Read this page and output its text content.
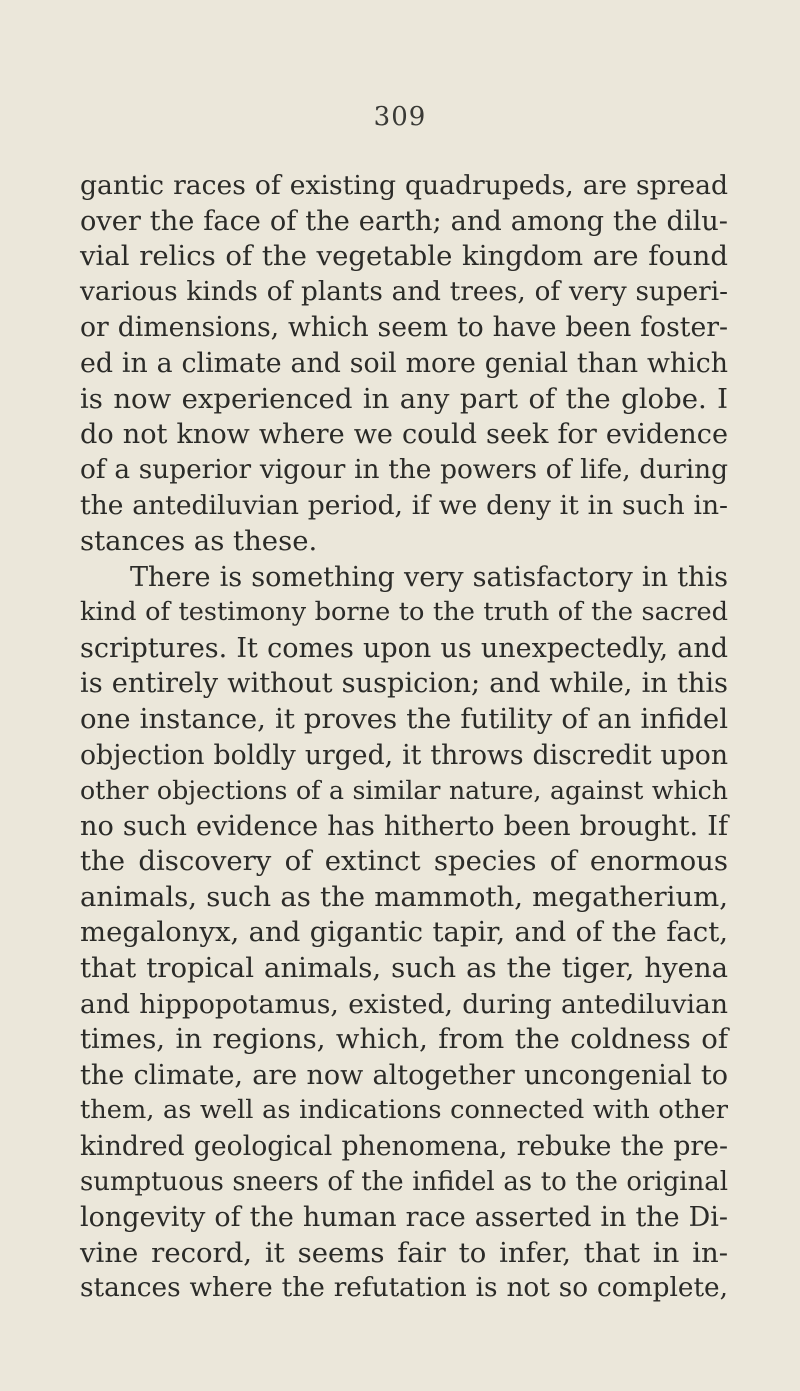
309
gantic races of existing quadrupeds, are spread
over the face of the earth; and among the dilu-
vial relics of the vegetable kingdom are found
various kinds of plants and trees, of very superi-
or dimensions, which seem to have been foster-
ed in a climate and soil more genial than which
is now experienced in any part of the globe. I
do not know where we could seek for evidence
of a superior vigour in the powers of life, during
the antediluvian period, if we deny it in such in-
stances as these.
There is something very satisfactory in this
kind of testimony borne to the truth of the sacred
scriptures. It comes upon us unexpectedly, and
is entirely without suspicion; and while, in this
one instance, it proves the futility of an infidel
objection boldly urged, it throws discredit upon
other objections of a similar nature, against which
no such evidence has hitherto been brought. If
the discovery of extinct species of enormous
animals, such as the mammoth, megatherium,
megalonyx, and gigantic tapir, and of the fact,
that tropical animals, such as the tiger, hyena
and hippopotamus, existed, during antediluvian
times, in regions, which, from the coldness of
the climate, are now altogether uncongenial to
them, as well as indications connected with other
kindred geological phenomena, rebuke the pre-
sumptuous sneers of the infidel as to the original
longevity of the human race asserted in the Di-
vine record, it seems fair to infer, that in in-
stances where the refutation is not so complete,
